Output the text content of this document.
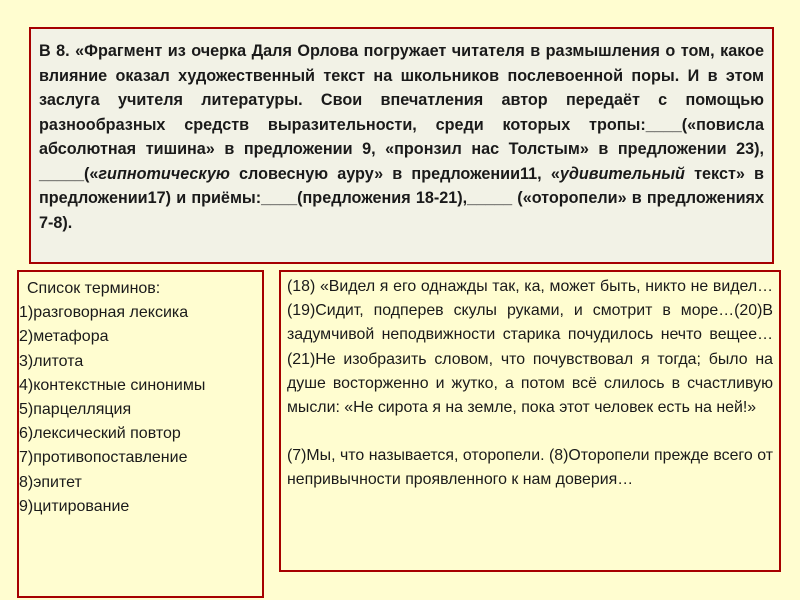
В 8. «Фрагмент из очерка Даля Орлова погружает читателя в размышления о том, какое влияние оказал художественный текст на школьников послевоенной поры. И в этом заслуга учителя литературы. Свои впечатления автор передаёт с помощью разнообразных средств выразительности, среди которых тропы:____(«повисла абсолютная тишина» в предложении 9, «пронзил нас Толстым» в предложении 23), _____(«гипнотическую словесную ауру» в предложении11, «удивительный текст» в предложении17) и приёмы:____(предложения 18-21),_____ («оторопели» в предложениях 7-8).
Список терминов:
1)разговорная лексика
2)метафора
3)литота
4)контекстные синонимы
5)парцелляция
6)лексический повтор
7)противопоставление
8)эпитет
9)цитирование
(18) «Видел я его однажды так, ка, может быть, никто не видел… (19)Сидит, подперев скулы руками, и смотрит в море…(20)В задумчивой неподвижности старика почудилось нечто вещее…(21)Не изобразить словом, что почувствовал я тогда; было на душе восторженно и жутко, а потом всё слилось в счастливую мысли: «Не сирота я на земле, пока этот человек есть на ней!»
(7)Мы, что называется, оторопели. (8)Оторопели прежде всего от непривычности проявленного к нам доверия…
